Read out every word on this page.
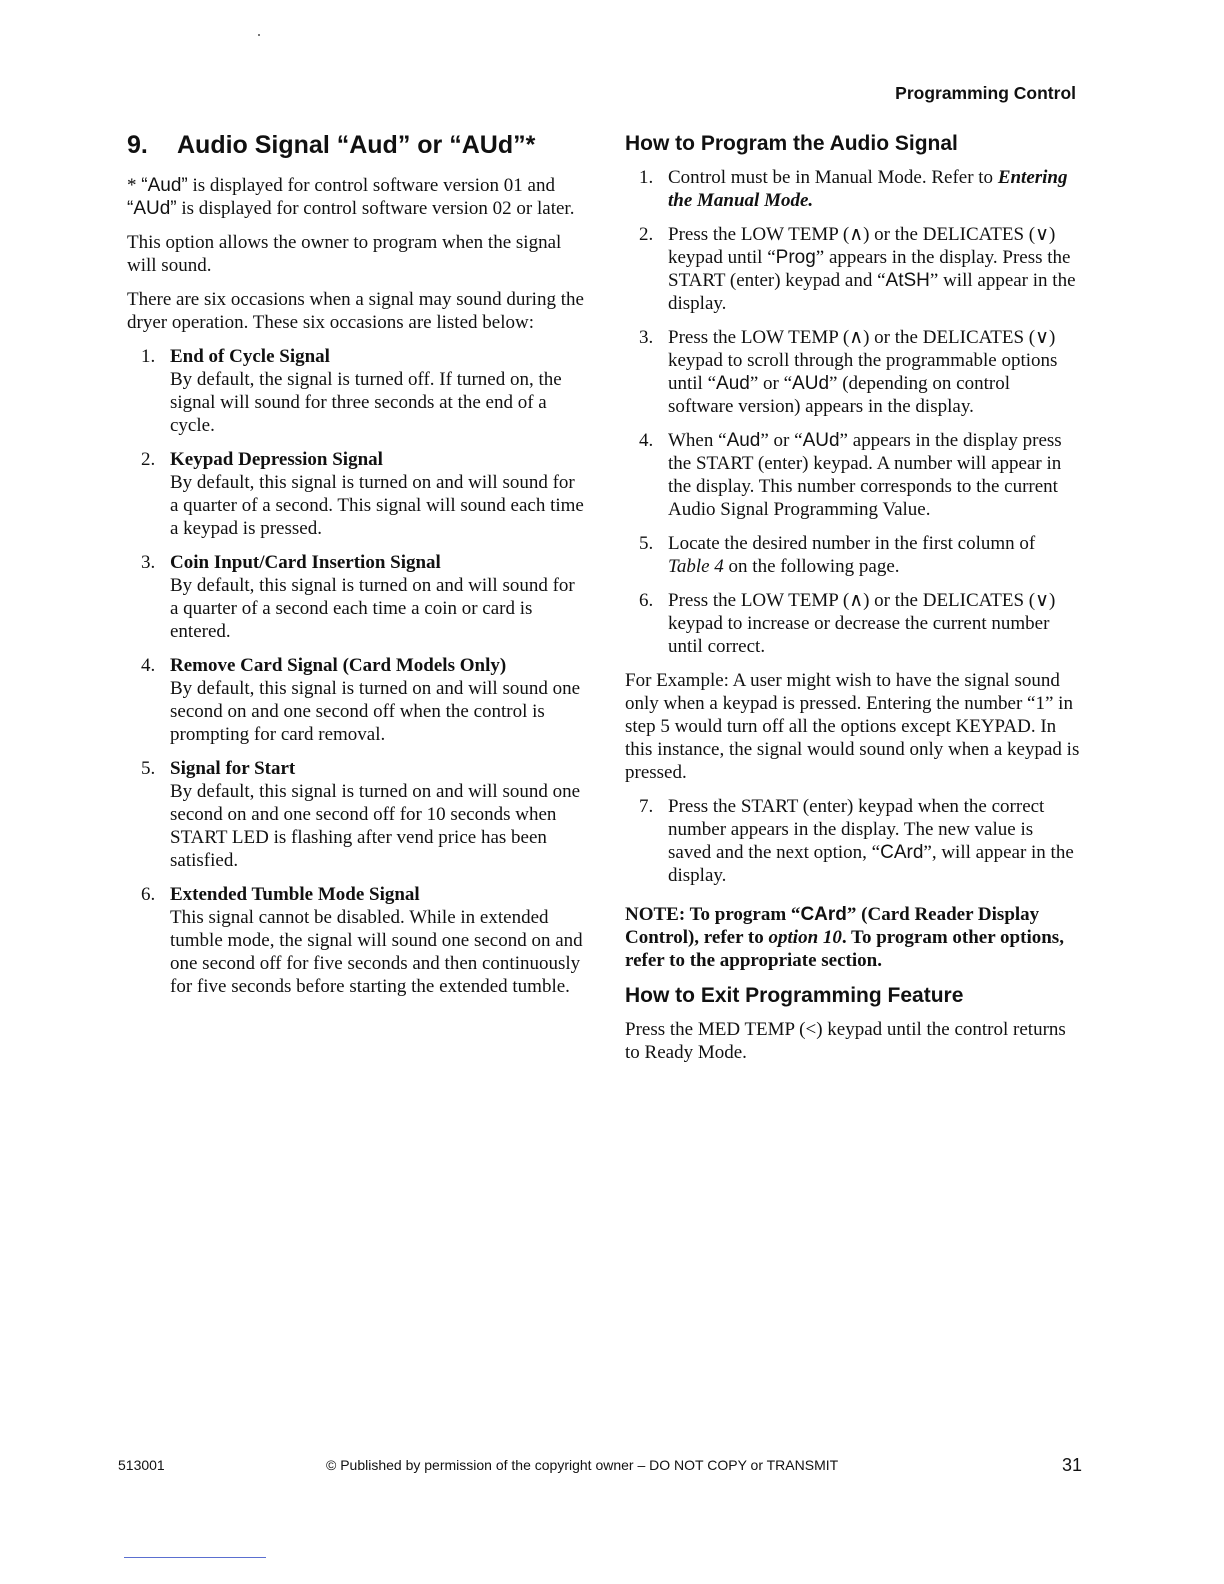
Programming Control
9.	Audio Signal “Aud” or “AUd”*

* “Aud” is displayed for control software version 01 and “AUd” is displayed for control software version 02 or later.

This option allows the owner to program when the signal will sound.

There are six occasions when a signal may sound during the dryer operation. These six occasions are listed below:

1. End of Cycle Signal
By default, the signal is turned off. If turned on, the signal will sound for three seconds at the end of a cycle.
2. Keypad Depression Signal
By default, this signal is turned on and will sound for a quarter of a second. This signal will sound each time a keypad is pressed.
3. Coin Input/Card Insertion Signal
By default, this signal is turned on and will sound for a quarter of a second each time a coin or card is entered.
4. Remove Card Signal (Card Models Only)
By default, this signal is turned on and will sound one second on and one second off when the control is prompting for card removal.
5. Signal for Start
By default, this signal is turned on and will sound one second on and one second off for 10 seconds when START LED is flashing after vend price has been satisfied.
6. Extended Tumble Mode Signal
This signal cannot be disabled. While in extended tumble mode, the signal will sound one second on and one second off for five seconds and then continuously for five seconds before starting the extended tumble.
How to Program the Audio Signal
1. Control must be in Manual Mode. Refer to Entering the Manual Mode.
2. Press the LOW TEMP (∧) or the DELICATES (∨) keypad until “Prog” appears in the display. Press the START (enter) keypad and “AtSH” will appear in the display.
3. Press the LOW TEMP (∧) or the DELICATES (∨) keypad to scroll through the programmable options until “Aud” or “AUd” (depending on control software version) appears in the display.
4. When “Aud” or “AUd” appears in the display press the START (enter) keypad. A number will appear in the display. This number corresponds to the current Audio Signal Programming Value.
5. Locate the desired number in the first column of Table 4 on the following page.
6. Press the LOW TEMP (∧) or the DELICATES (∨) keypad to increase or decrease the current number until correct.

For Example: A user might wish to have the signal sound only when a keypad is pressed. Entering the number “1” in step 5 would turn off all the options except KEYPAD. In this instance, the signal would sound only when a keypad is pressed.

7. Press the START (enter) keypad when the correct number appears in the display. The new value is saved and the next option, “CArd”, will appear in the display.
NOTE: To program “CArd” (Card Reader Display Control), refer to option 10. To program other options, refer to the appropriate section.
How to Exit Programming Feature

Press the MED TEMP (<) keypad until the control returns to Ready Mode.

513001	© Published by permission of the copyright owner – DO NOT COPY or TRANSMIT	31
